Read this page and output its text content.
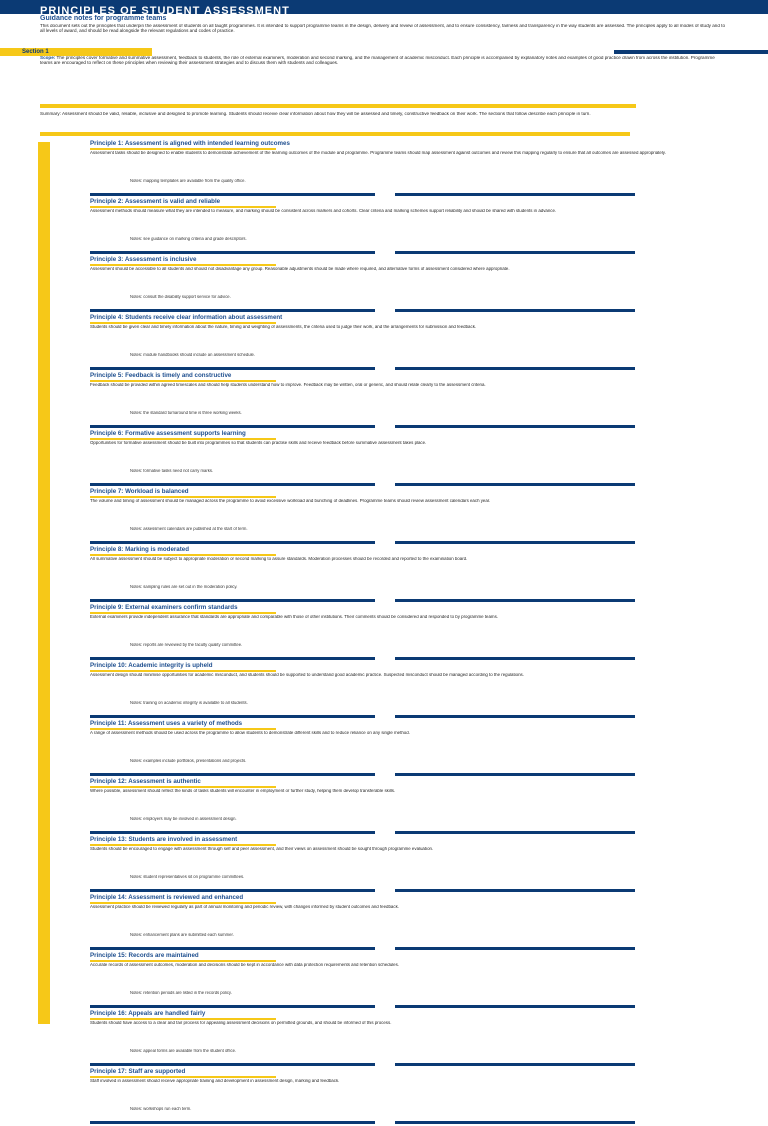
PRINCIPLES OF STUDENT ASSESSMENT
Guidance notes for programme teams
This document sets out the principles that underpin the assessment of students on all taught programmes. It is intended to support programme teams in the design, delivery and review of assessment, and to ensure consistency, fairness and transparency in the way students are assessed. The principles apply to all modes of study and to all levels of award, and should be read alongside the relevant regulations and codes of practice.
Section 1
Scope: The principles cover formative and summative assessment, feedback to students, the role of external examiners, moderation and second marking, and the management of academic misconduct. Each principle is accompanied by explanatory notes and examples of good practice drawn from across the institution. Programme teams are encouraged to reflect on these principles when reviewing their assessment strategies and to discuss them with students and colleagues.
Summary: Assessment should be valid, reliable, inclusive and designed to promote learning. Students should receive clear information about how they will be assessed and timely, constructive feedback on their work. The sections that follow describe each principle in turn.
Principle 1: Assessment is aligned with intended learning outcomes
Assessment tasks should be designed to enable students to demonstrate achievement of the learning outcomes of the module and programme. Programme teams should map assessment against outcomes and review this mapping regularly to ensure that all outcomes are assessed appropriately.
Notes: mapping templates are available from the quality office.
Principle 2: Assessment is valid and reliable
Assessment methods should measure what they are intended to measure, and marking should be consistent across markers and cohorts. Clear criteria and marking schemes support reliability and should be shared with students in advance.
Notes: see guidance on marking criteria and grade descriptors.
Principle 3: Assessment is inclusive
Assessment should be accessible to all students and should not disadvantage any group. Reasonable adjustments should be made where required, and alternative forms of assessment considered where appropriate.
Notes: consult the disability support service for advice.
Principle 4: Students receive clear information about assessment
Students should be given clear and timely information about the nature, timing and weighting of assessments, the criteria used to judge their work, and the arrangements for submission and feedback.
Notes: module handbooks should include an assessment schedule.
Principle 5: Feedback is timely and constructive
Feedback should be provided within agreed timescales and should help students understand how to improve. Feedback may be written, oral or generic, and should relate clearly to the assessment criteria.
Notes: the standard turnaround time is three working weeks.
Principle 6: Formative assessment supports learning
Opportunities for formative assessment should be built into programmes so that students can practise skills and receive feedback before summative assessment takes place.
Notes: formative tasks need not carry marks.
Principle 7: Workload is balanced
The volume and timing of assessment should be managed across the programme to avoid excessive workload and bunching of deadlines. Programme teams should review assessment calendars each year.
Notes: assessment calendars are published at the start of term.
Principle 8: Marking is moderated
All summative assessment should be subject to appropriate moderation or second marking to assure standards. Moderation processes should be recorded and reported to the examination board.
Notes: sampling rules are set out in the moderation policy.
Principle 9: External examiners confirm standards
External examiners provide independent assurance that standards are appropriate and comparable with those of other institutions. Their comments should be considered and responded to by programme teams.
Notes: reports are reviewed by the faculty quality committee.
Principle 10: Academic integrity is upheld
Assessment design should minimise opportunities for academic misconduct, and students should be supported to understand good academic practice. Suspected misconduct should be managed according to the regulations.
Notes: training on academic integrity is available to all students.
Principle 11: Assessment uses a variety of methods
A range of assessment methods should be used across the programme to allow students to demonstrate different skills and to reduce reliance on any single method.
Notes: examples include portfolios, presentations and projects.
Principle 12: Assessment is authentic
Where possible, assessment should reflect the kinds of tasks students will encounter in employment or further study, helping them develop transferable skills.
Notes: employers may be involved in assessment design.
Principle 13: Students are involved in assessment
Students should be encouraged to engage with assessment through self and peer assessment, and their views on assessment should be sought through programme evaluation.
Notes: student representatives sit on programme committees.
Principle 14: Assessment is reviewed and enhanced
Assessment practice should be reviewed regularly as part of annual monitoring and periodic review, with changes informed by student outcomes and feedback.
Notes: enhancement plans are submitted each summer.
Principle 15: Records are maintained
Accurate records of assessment outcomes, moderation and decisions should be kept in accordance with data protection requirements and retention schedules.
Notes: retention periods are listed in the records policy.
Principle 16: Appeals are handled fairly
Students should have access to a clear and fair process for appealing assessment decisions on permitted grounds, and should be informed of this process.
Notes: appeal forms are available from the student office.
Principle 17: Staff are supported
Staff involved in assessment should receive appropriate training and development in assessment design, marking and feedback.
Notes: workshops run each term.
